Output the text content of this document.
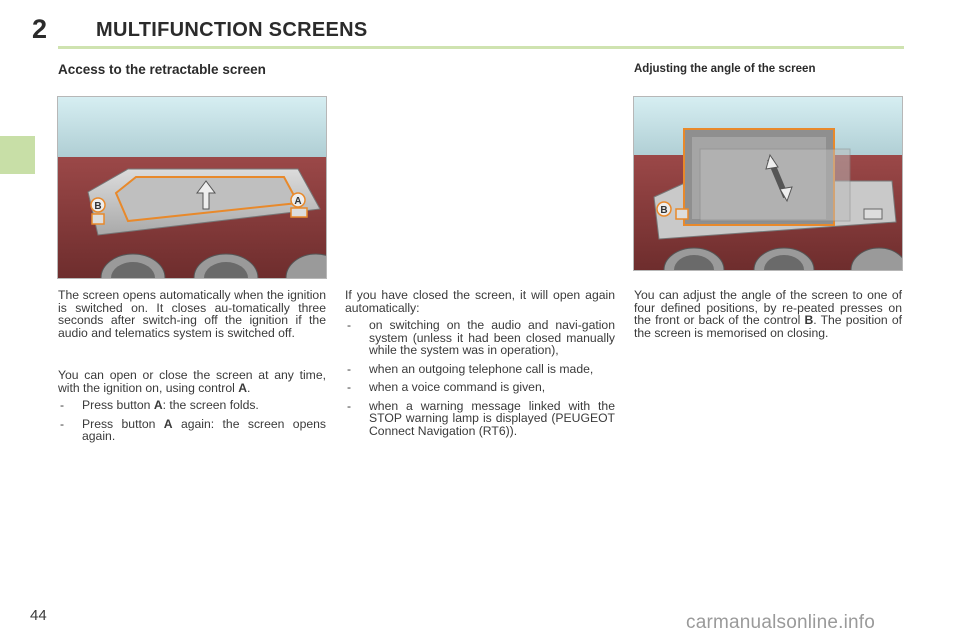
2 MULTIFUNCTION SCREENS
Access to the retractable screen	Adjusting the angle of the screen
B	A
B

The screen opens automatically when the ignition is switched on. It closes au-tomatically three seconds after switch-ing off the ignition if the audio and telematics system is switched off.

You can open or close the screen at any time, with the ignition on, using control A.

- Press button A: the screen folds.
- Press button A again: the screen opens again.

If you have closed the screen, it will open again automatically:

- on switching on the audio and navi-gation system (unless it had been closed manually while the system was in operation),
- when an outgoing telephone call is made,
- when a voice command is given,
- when a warning message linked with the STOP warning lamp is displayed (PEUGEOT Connect Navigation (RT6)).

You can adjust the angle of the screen to one of four defined positions, by re-peated presses on the front or back of the control B. The position of the screen is memorised on closing.

44	carmanualsonline.info
